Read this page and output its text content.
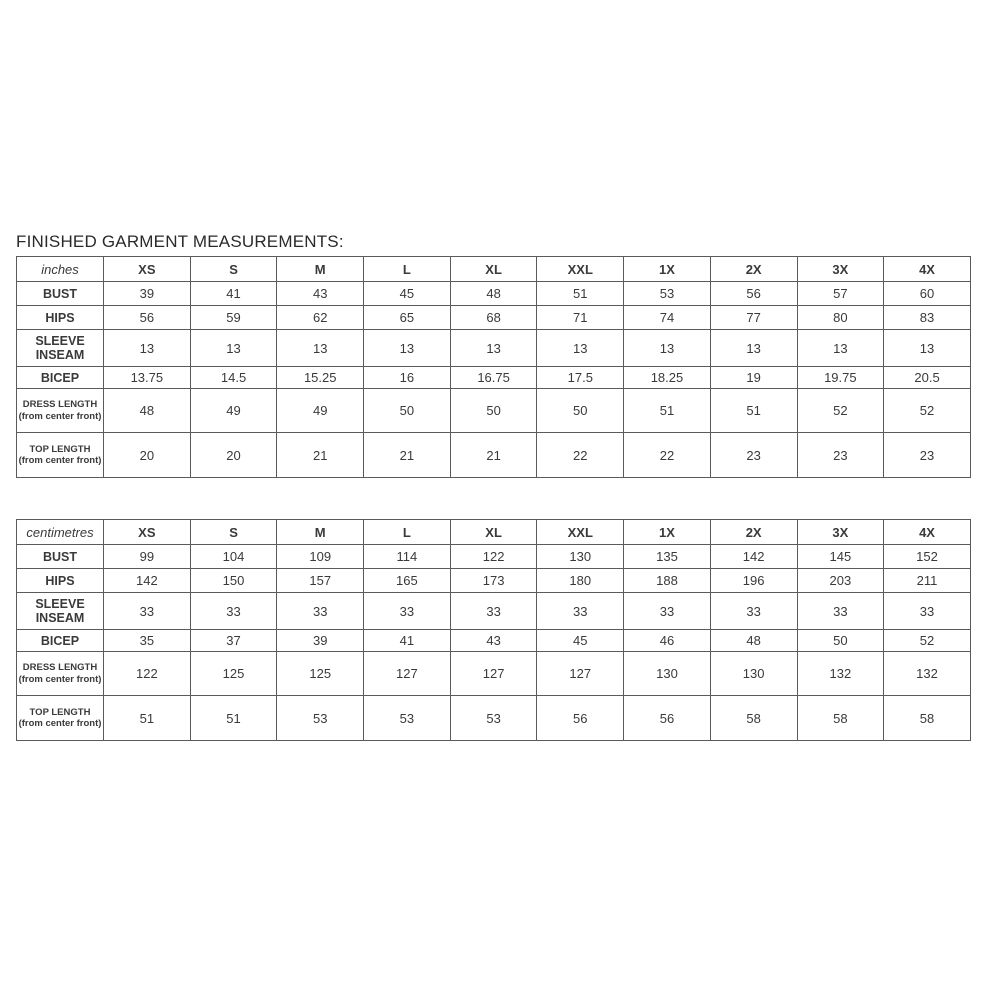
FINISHED GARMENT MEASUREMENTS:
inches	XS	S	M	L	XL	XXL	1X	2X	3X	4X
BUST	39	41	43	45	48	51	53	56	57	60
HIPS	56	59	62	65	68	71	74	77	80	83
SLEEVE INSEAM	13	13	13	13	13	13	13	13	13	13
BICEP	13.75	14.5	15.25	16	16.75	17.5	18.25	19	19.75	20.5
DRESS LENGTH (from center front)	48	49	49	50	50	50	51	51	52	52
TOP LENGTH (from center front)	20	20	21	21	21	22	22	23	23	23
centimetres	XS	S	M	L	XL	XXL	1X	2X	3X	4X
BUST	99	104	109	114	122	130	135	142	145	152
HIPS	142	150	157	165	173	180	188	196	203	211
SLEEVE INSEAM	33	33	33	33	33	33	33	33	33	33
BICEP	35	37	39	41	43	45	46	48	50	52
DRESS LENGTH (from center front)	122	125	125	127	127	127	130	130	132	132
TOP LENGTH (from center front)	51	51	53	53	53	56	56	58	58	58
